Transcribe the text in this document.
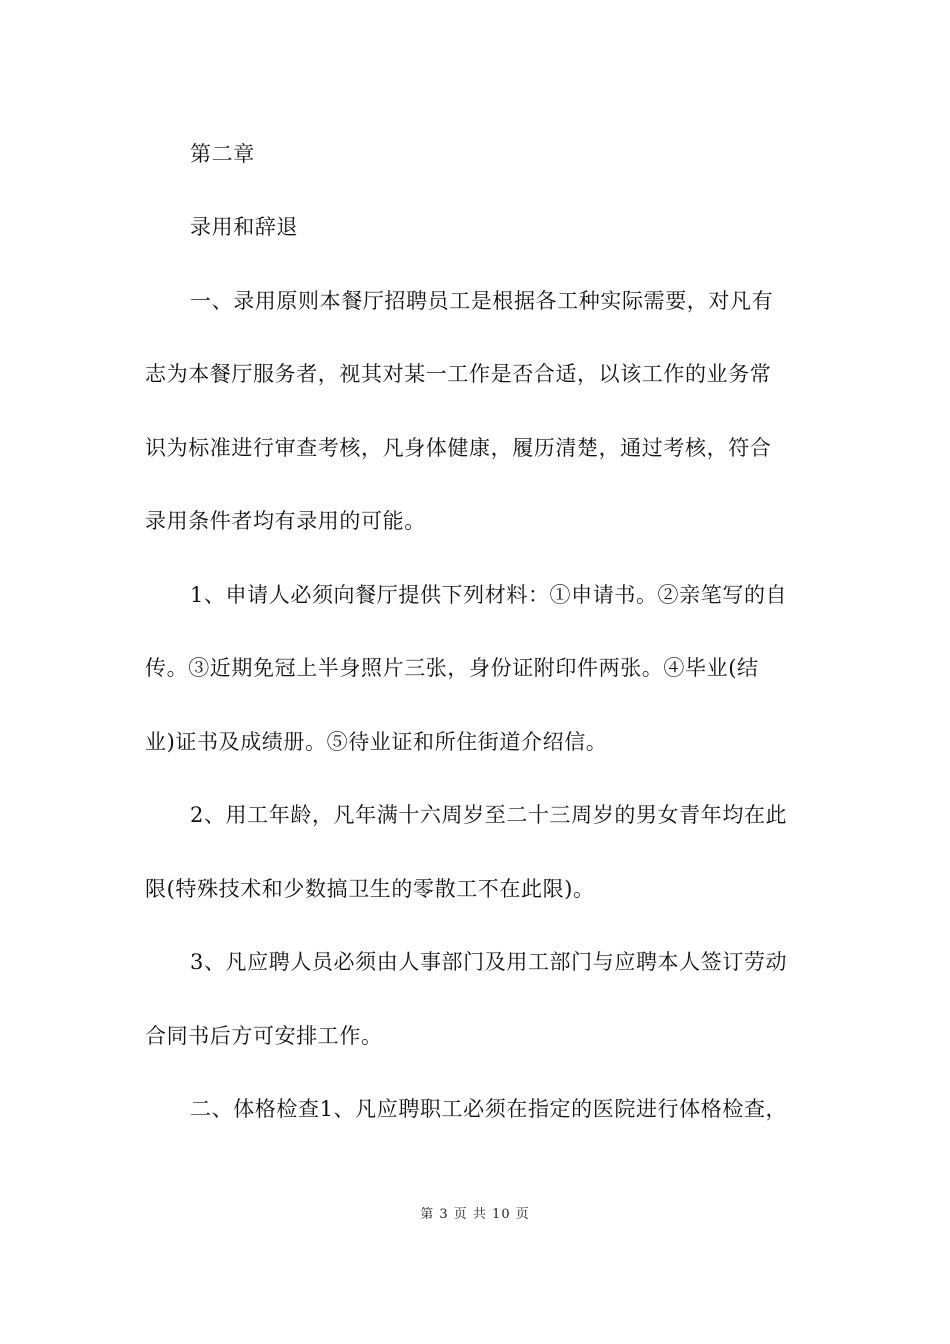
第二章
录用和辞退
一、录用原则本餐厅招聘员工是根据各工种实际需要，对凡有
志为本餐厅服务者，视其对某一工作是否合适，以该工作的业务常
识为标准进行审查考核，凡身体健康，履历清楚，通过考核，符合
录用条件者均有录用的可能。
1、申请人必须向餐厅提供下列材料：①申请书。②亲笔写的自
传。③近期免冠上半身照片三张，身份证附印件两张。④毕业(结
业)证书及成绩册。⑤待业证和所住街道介绍信。
2、用工年龄，凡年满十六周岁至二十三周岁的男女青年均在此
限(特殊技术和少数搞卫生的零散工不在此限)。
3、凡应聘人员必须由人事部门及用工部门与应聘本人签订劳动
合同书后方可安排工作。
二、体格检查1、凡应聘职工必须在指定的医院进行体格检查，
第 3 页 共 10 页
